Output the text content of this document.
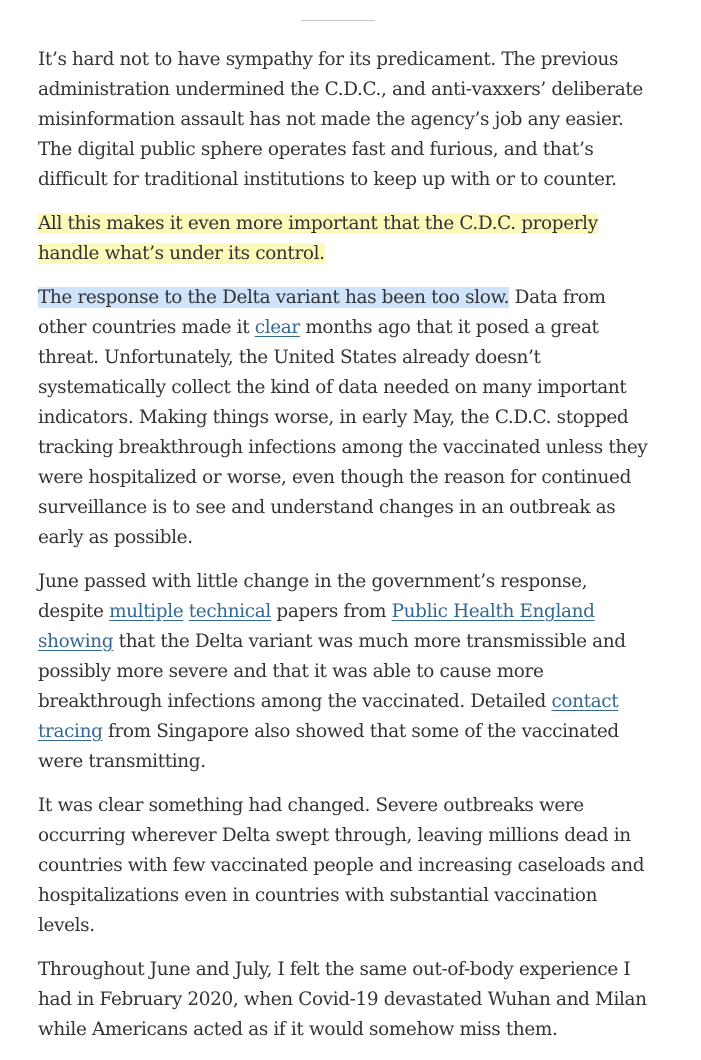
It’s hard not to have sympathy for its predicament. The previous administration undermined the C.D.C., and anti-vaxxers’ deliberate misinformation assault has not made the agency’s job any easier. The digital public sphere operates fast and furious, and that’s difficult for traditional institutions to keep up with or to counter.

All this makes it even more important that the C.D.C. properly handle what’s under its control.

The response to the Delta variant has been too slow. Data from other countries made it clear months ago that it posed a great threat. Unfortunately, the United States already doesn’t systematically collect the kind of data needed on many important indicators. Making things worse, in early May, the C.D.C. stopped tracking breakthrough infections among the vaccinated unless they were hospitalized or worse, even though the reason for continued surveillance is to see and understand changes in an outbreak as early as possible.

June passed with little change in the government’s response, despite multiple technical papers from Public Health England showing that the Delta variant was much more transmissible and possibly more severe and that it was able to cause more breakthrough infections among the vaccinated. Detailed contact tracing from Singapore also showed that some of the vaccinated were transmitting.

It was clear something had changed. Severe outbreaks were occurring wherever Delta swept through, leaving millions dead in countries with few vaccinated people and increasing caseloads and hospitalizations even in countries with substantial vaccination levels.

Throughout June and July, I felt the same out-of-body experience I had in February 2020, when Covid-19 devastated Wuhan and Milan while Americans acted as if it would somehow miss them.
